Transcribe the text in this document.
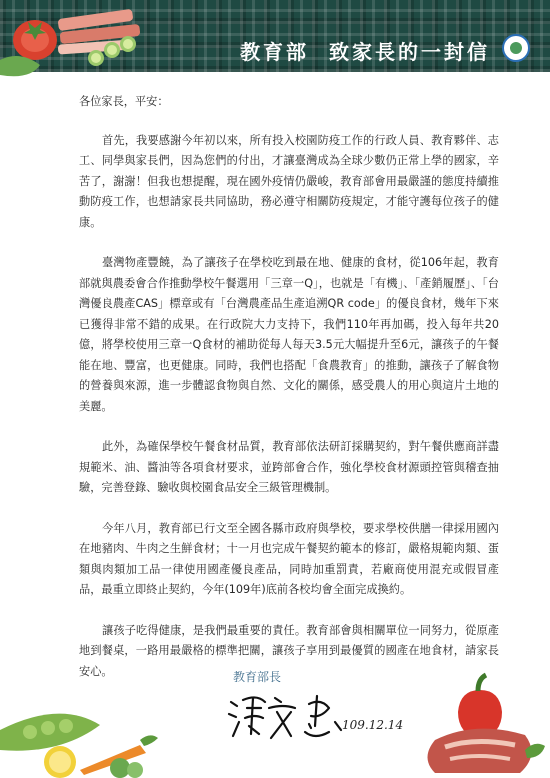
教育部  致家長的一封信

各位家長，平安：

首先，我要感謝今年初以來，所有投入校園防疫工作的行政人員、教育夥伴、志工、同學與家長們，因為您們的付出，才讓臺灣成為全球少數仍正常上學的國家，辛苦了，謝謝！但我也想提醒，現在國外疫情仍嚴峻，教育部會用最嚴謹的態度持續推動防疫工作，也想請家長共同協助，務必遵守相關防疫規定，才能守護每位孩子的健康。

臺灣物產豐饒，為了讓孩子在學校吃到最在地、健康的食材，從106年起，教育部就與農委會合作推動學校午餐選用「三章一Q」，也就是「有機」、「產銷履歷」、「台灣優良農產CAS」標章或有「台灣農產品生產追溯QR code」的優良食材，幾年下來已獲得非常不錯的成果。在行政院大力支持下，我們110年再加碼，投入每年共20億，將學校使用三章一Q食材的補助從每人每天3.5元大幅提升至6元，讓孩子的午餐能在地、豐富，也更健康。同時，我們也搭配「食農教育」的推動，讓孩子了解食物的營養與來源，進一步體認食物與自然、文化的關係，感受農人的用心與這片土地的美麗。

此外，為確保學校午餐食材品質，教育部依法研訂採購契約，對午餐供應商詳盡規範米、油、醬油等各項食材要求，並跨部會合作，強化學校食材源頭控管與稽查抽驗，完善登錄、驗收與校園食品安全三級管理機制。

今年八月，教育部已行文至全國各縣市政府與學校，要求學校供膳一律採用國內在地豬肉、牛肉之生鮮食材；十一月也完成午餐契約範本的修訂，嚴格規範肉類、蛋類與肉類加工品一律使用國產優良產品，同時加重罰責，若廠商使用混充或假冒產品，最重立即終止契約，今年(109年)底前各校均會全面完成換約。

讓孩子吃得健康，是我們最重要的責任。教育部會與相關單位一同努力，從原產地到餐桌，一路用最嚴格的標準把關，讓孩子享用到最優質的國產在地食材，請家長安心。	教育部長
109.12.14
